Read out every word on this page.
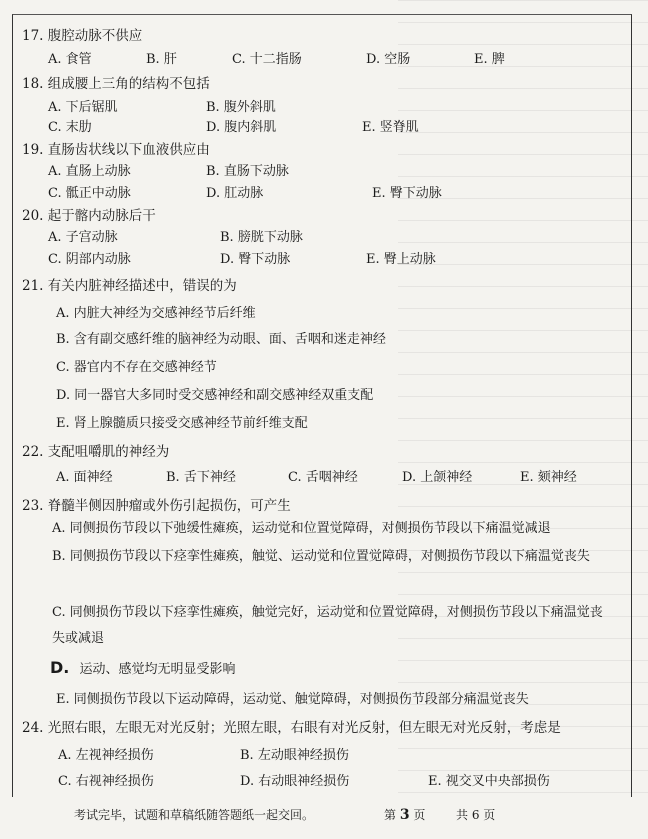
17. 腹腔动脉不供应
A. 食管	B. 肝	C. 十二指肠	D. 空肠	E. 脾
18. 组成腰上三角的结构不包括
A. 下后锯肌	B. 腹外斜肌
C. 末肋	D. 腹内斜肌	E. 竖脊肌
19. 直肠齿状线以下血液供应由
A. 直肠上动脉	B. 直肠下动脉
C. 骶正中动脉	D. 肛动脉	E. 臀下动脉
20. 起于髂内动脉后干
A. 子宫动脉	B. 膀胱下动脉
C. 阴部内动脉	D. 臀下动脉	E. 臀上动脉
21. 有关内脏神经描述中，错误的为
A. 内脏大神经为交感神经节后纤维
B. 含有副交感纤维的脑神经为动眼、面、舌咽和迷走神经
C. 器官内不存在交感神经节
D. 同一器官大多同时受交感神经和副交感神经双重支配
E. 肾上腺髓质只接受交感神经节前纤维支配
22. 支配咀嚼肌的神经为
A. 面神经	B. 舌下神经	C. 舌咽神经	D. 上颌神经	E. 颏神经
23. 脊髓半侧因肿瘤或外伤引起损伤，可产生
A. 同侧损伤节段以下弛缓性瘫痪，运动觉和位置觉障碍，对侧损伤节段以下痛温觉减退
B. 同侧损伤节段以下痉挛性瘫痪，触觉、运动觉和位置觉障碍，对侧损伤节段以下痛温觉丧失
C. 同侧损伤节段以下痉挛性瘫痪，触觉完好，运动觉和位置觉障碍，对侧损伤节段以下痛温觉丧失或减退
D. 运动、感觉均无明显受影响
E. 同侧损伤节段以下运动障碍，运动觉、触觉障碍，对侧损伤节段部分痛温觉丧失
24. 光照右眼，左眼无对光反射；光照左眼，右眼有对光反射，但左眼无对光反射，考虑是
A. 左视神经损伤	B. 左动眼神经损伤
C. 右视神经损伤	D. 右动眼神经损伤	E. 视交叉中央部损伤
考试完毕，试题和草稿纸随答题纸一起交回。	第 3 页	共 6 页
